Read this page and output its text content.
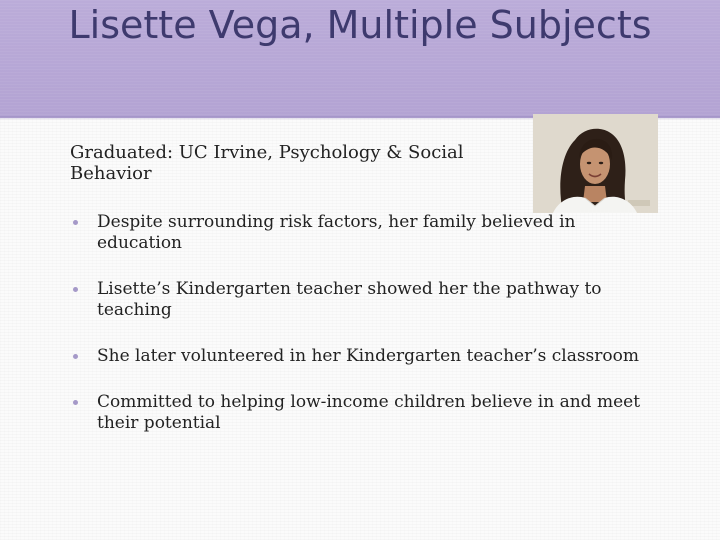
Lisette Vega, Multiple Subjects

Graduated: UC Irvine, Psychology & Social Behavior

Despite surrounding risk factors, her family believed in education
Lisette’s Kindergarten teacher showed her the pathway to teaching
She later volunteered in her Kindergarten teacher’s classroom
Committed to helping low-income children believe in and meet their potential
